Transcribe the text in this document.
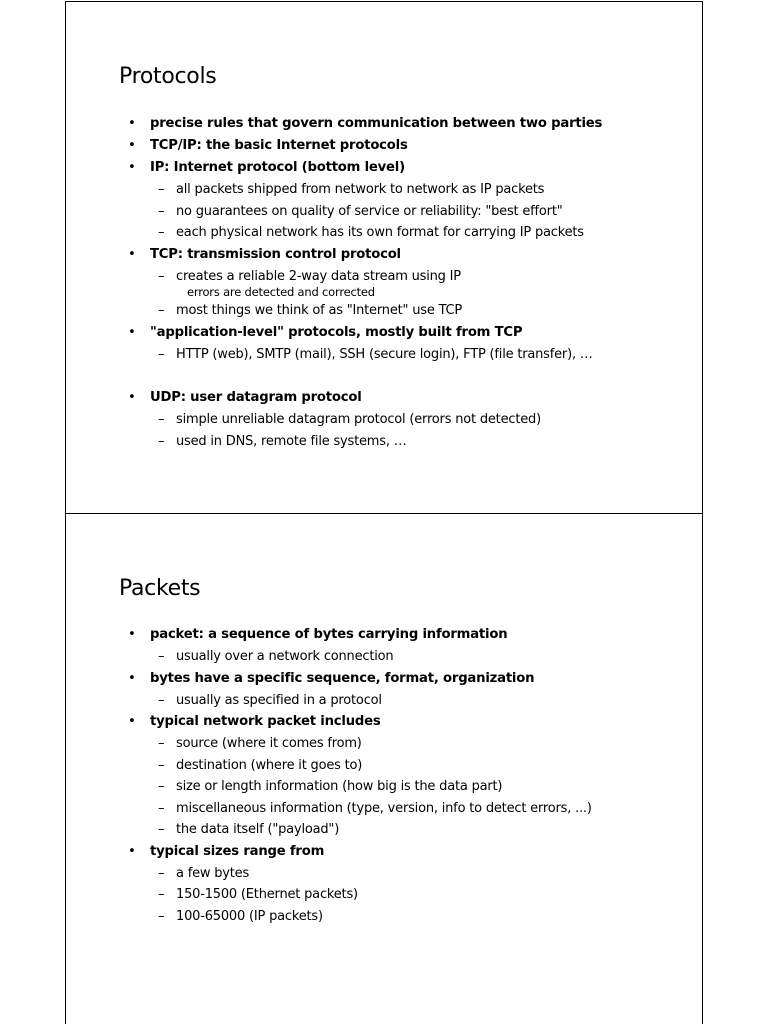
Protocols
• precise rules that govern communication between two parties
• TCP/IP: the basic Internet protocols
• IP: Internet protocol (bottom level)
– all packets shipped from network to network as IP packets
– no guarantees on quality of service or reliability: "best effort"
– each physical network has its own format for carrying IP packets
• TCP: transmission control protocol
– creates a reliable 2-way data stream using IP
errors are detected and corrected
– most things we think of as "Internet" use TCP
• "application-level" protocols, mostly built from TCP
– HTTP (web), SMTP (mail), SSH (secure login), FTP (file transfer), …
• UDP: user datagram protocol
– simple unreliable datagram protocol (errors not detected)
– used in DNS, remote file systems, …
Packets
• packet: a sequence of bytes carrying information
– usually over a network connection
• bytes have a specific sequence, format, organization
– usually as specified in a protocol
• typical network packet includes
– source (where it comes from)
– destination (where it goes to)
– size or length information (how big is the data part)
– miscellaneous information (type, version, info to detect errors, ...)
– the data itself ("payload")
• typical sizes range from
– a few bytes
– 150-1500 (Ethernet packets)
– 100-65000 (IP packets)
